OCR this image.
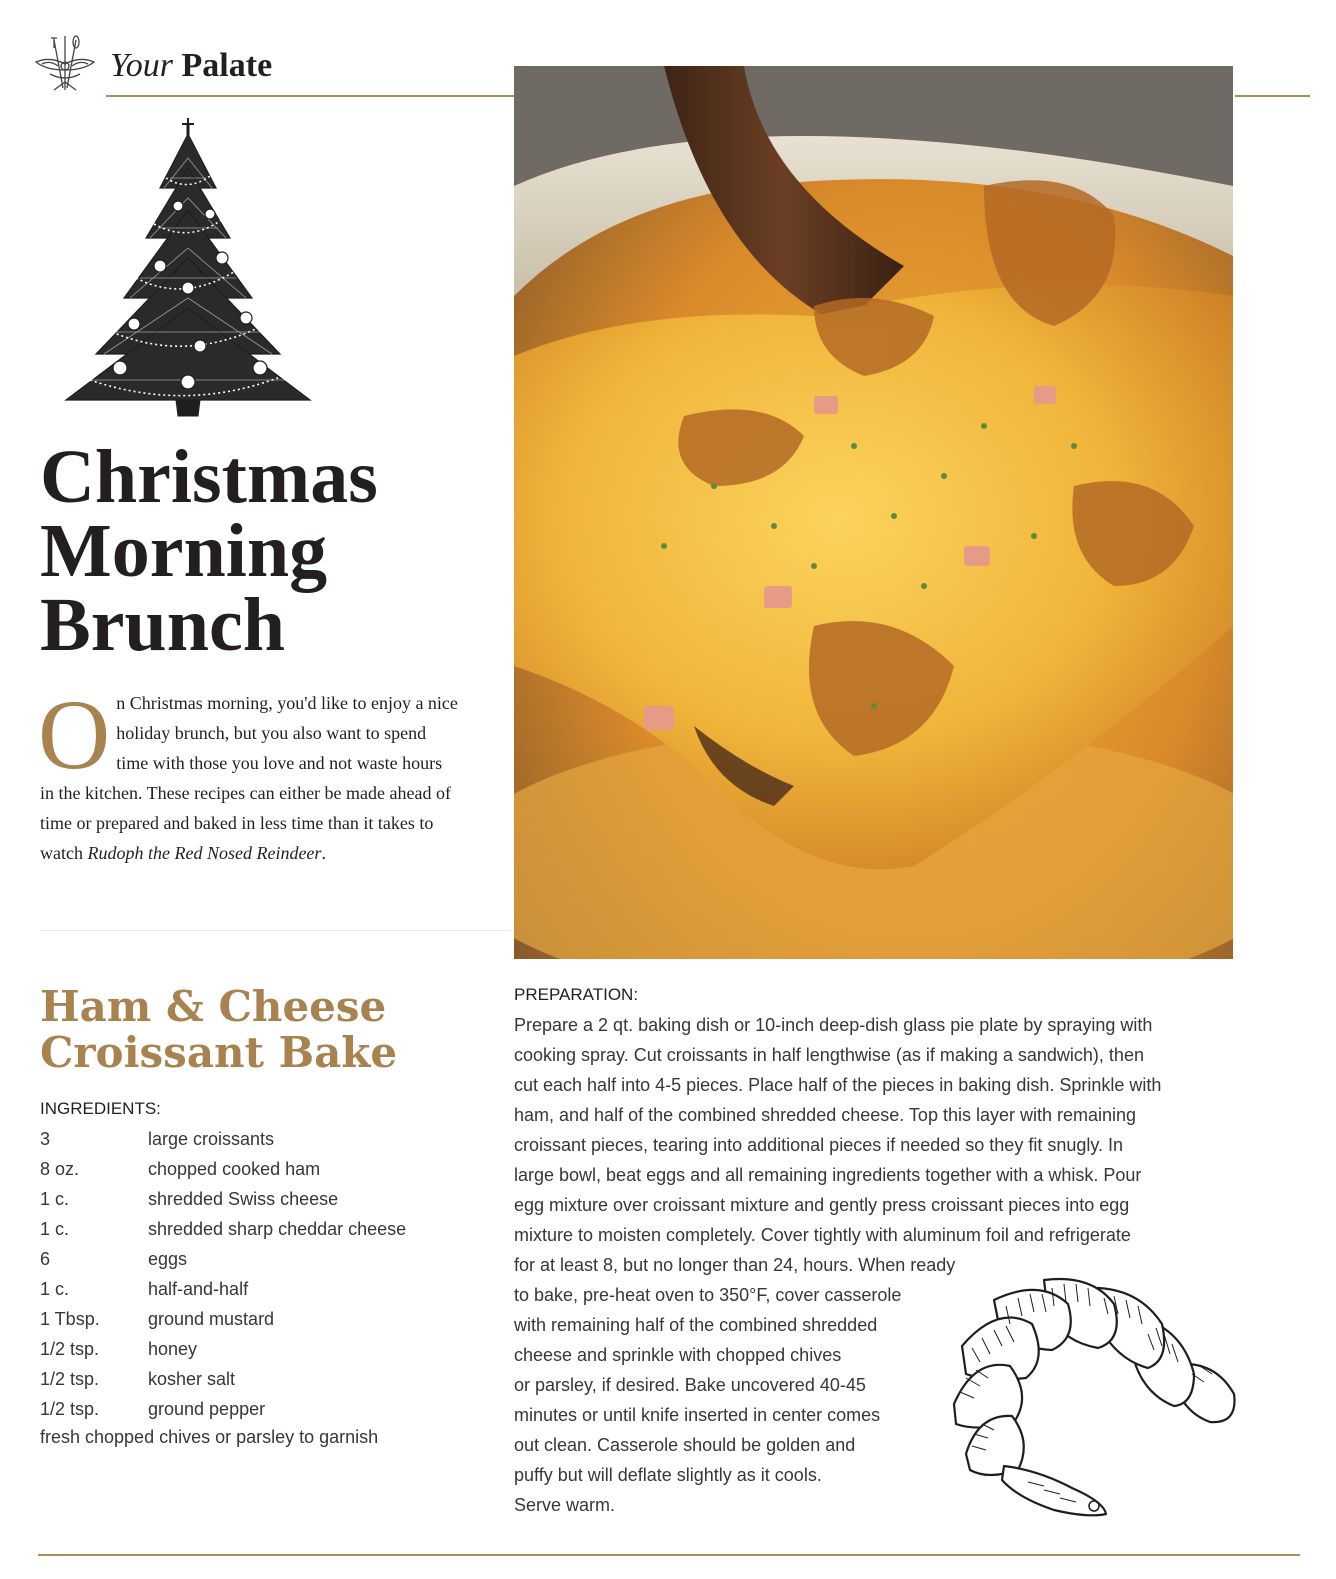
Your Palate
Christmas
Morning
Brunch
O n Christmas morning, you'd like to enjoy a nice holiday brunch, but you also want to spend time with those you love and not waste hours in the kitchen. These recipes can either be made ahead of time or prepared and baked in less time than it takes to watch Rudoph the Red Nosed Reindeer.
Ham & Cheese
Croissant Bake
INGREDIENTS:
3	large croissants
8 oz.	chopped cooked ham
1 c.	shredded Swiss cheese
1 c.	shredded sharp cheddar cheese
6	eggs
1 c.	half-and-half
1 Tbsp.	ground mustard
1/2 tsp.	honey
1/2 tsp.	kosher salt
1/2 tsp.	ground pepper
fresh chopped chives or parsley to garnish
PREPARATION:
Prepare a 2 qt. baking dish or 10-inch deep-dish glass pie plate by spraying with
cooking spray. Cut croissants in half lengthwise (as if making a sandwich), then
cut each half into 4-5 pieces. Place half of the pieces in baking dish. Sprinkle with
ham, and half of the combined shredded cheese. Top this layer with remaining
croissant pieces, tearing into additional pieces if needed so they fit snugly. In
large bowl, beat eggs and all remaining ingredients together with a whisk. Pour
egg mixture over croissant mixture and gently press croissant pieces into egg
mixture to moisten completely. Cover tightly with aluminum foil and refrigerate
for at least 8, but no longer than 24, hours. When ready
to bake, pre-heat oven to 350°F, cover casserole
with remaining half of the combined shredded
cheese and sprinkle with chopped chives
or parsley, if desired. Bake uncovered 40-45
minutes or until knife inserted in center comes
out clean. Casserole should be golden and
puffy but will deflate slightly as it cools.
Serve warm.
